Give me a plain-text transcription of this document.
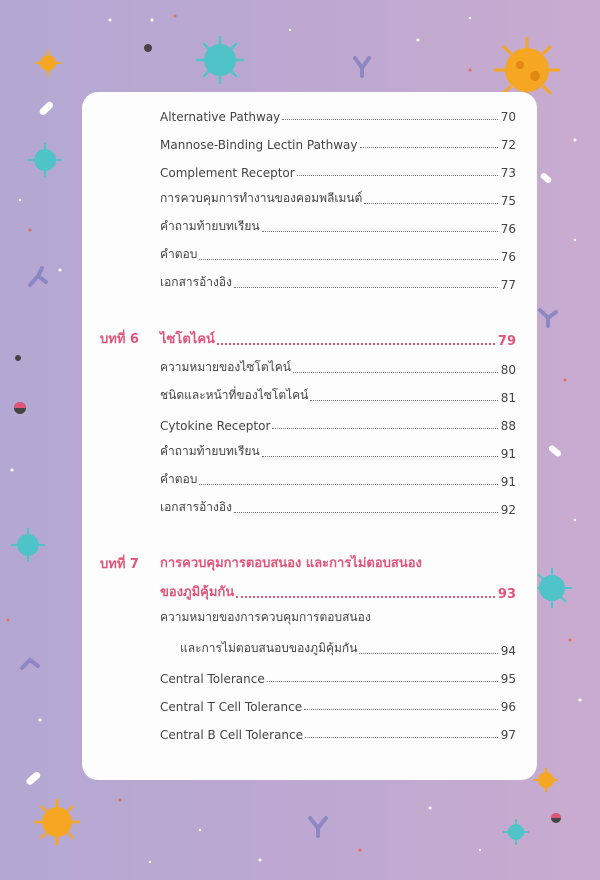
Alternative Pathway	70
Mannose-Binding Lectin Pathway	72
Complement Receptor	73
การควบคุมการทำงานของคอมพลีเมนต์	75
คำถามท้ายบทเรียน	76
คำตอบ	76
เอกสารอ้างอิง	77
บทที่ 6 ไซโตไคน์	79
ความหมายของไซโตไคน์	80
ชนิดและหน้าที่ของไซโตไคน์	81
Cytokine Receptor	88
คำถามท้ายบทเรียน	91
คำตอบ	91
เอกสารอ้างอิง	92
บทที่ 7 การควบคุมการตอบสนอง และการไม่ตอบสนอง
ของภูมิคุ้มกัน	93
ความหมายของการควบคุมการตอบสนอง
และการไม่ตอบสนอบของภูมิคุ้มกัน	94
Central Tolerance	95
Central T Cell Tolerance	96
Central B Cell Tolerance	97
